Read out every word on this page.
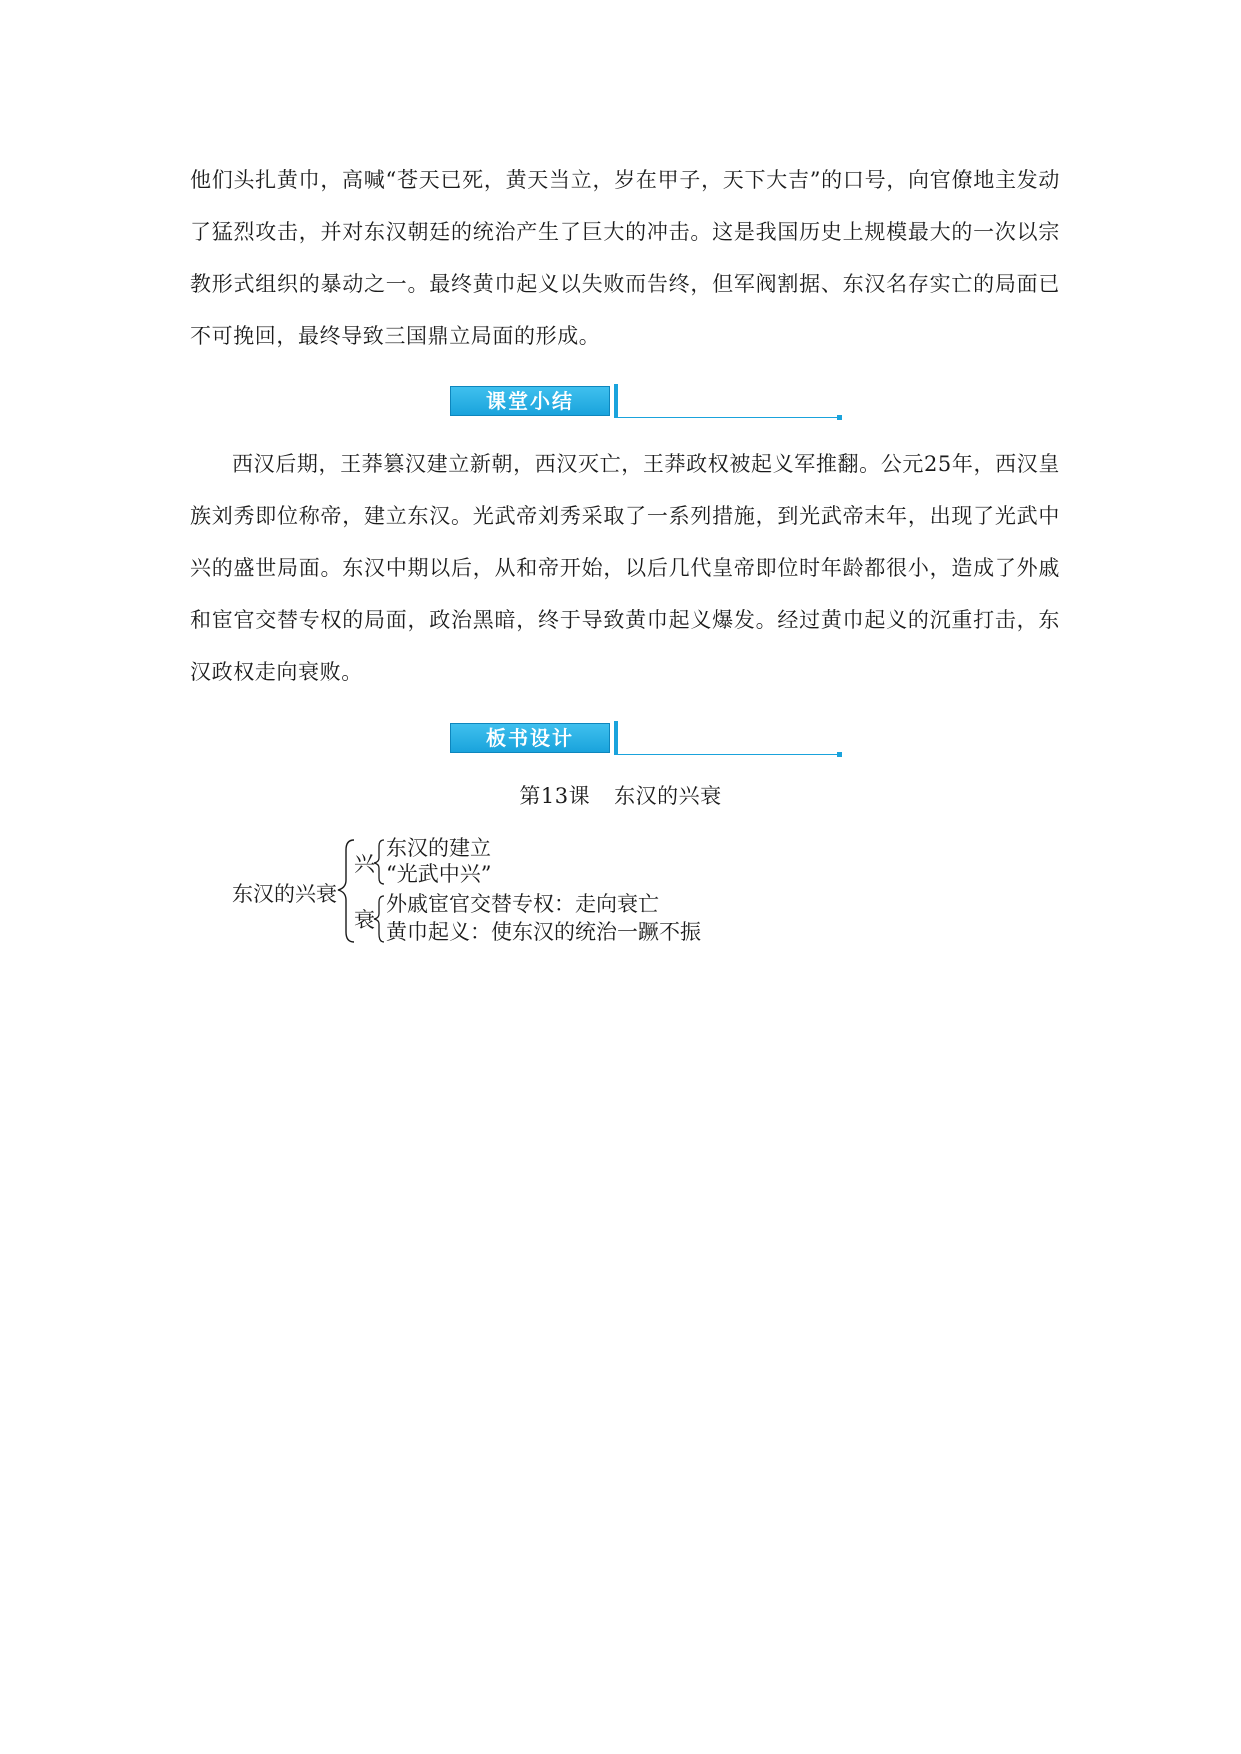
他们头扎黄巾，高喊“苍天已死，黄天当立，岁在甲子，天下大吉”的口号，向官僚地主发动了猛烈攻击，并对东汉朝廷的统治产生了巨大的冲击。这是我国历史上规模最大的一次以宗教形式组织的暴动之一。最终黄巾起义以失败而告终，但军阀割据、东汉名存实亡的局面已不可挽回，最终导致三国鼎立局面的形成。

课堂小结

西汉后期，王莽篡汉建立新朝，西汉灭亡，王莽政权被起义军推翻。公元25年，西汉皇族刘秀即位称帝，建立东汉。光武帝刘秀采取了一系列措施，到光武帝末年，出现了光武中兴的盛世局面。东汉中期以后，从和帝开始，以后几代皇帝即位时年龄都很小，造成了外戚和宦官交替专权的局面，政治黑暗，终于导致黄巾起义爆发。经过黄巾起义的沉重打击，东汉政权走向衰败。

板书设计
第13课 东汉的兴衰
东汉的兴衰
兴
衰
东汉的建立
“光武中兴”
外戚宦官交替专权：走向衰亡
黄巾起义：使东汉的统治一蹶不振
